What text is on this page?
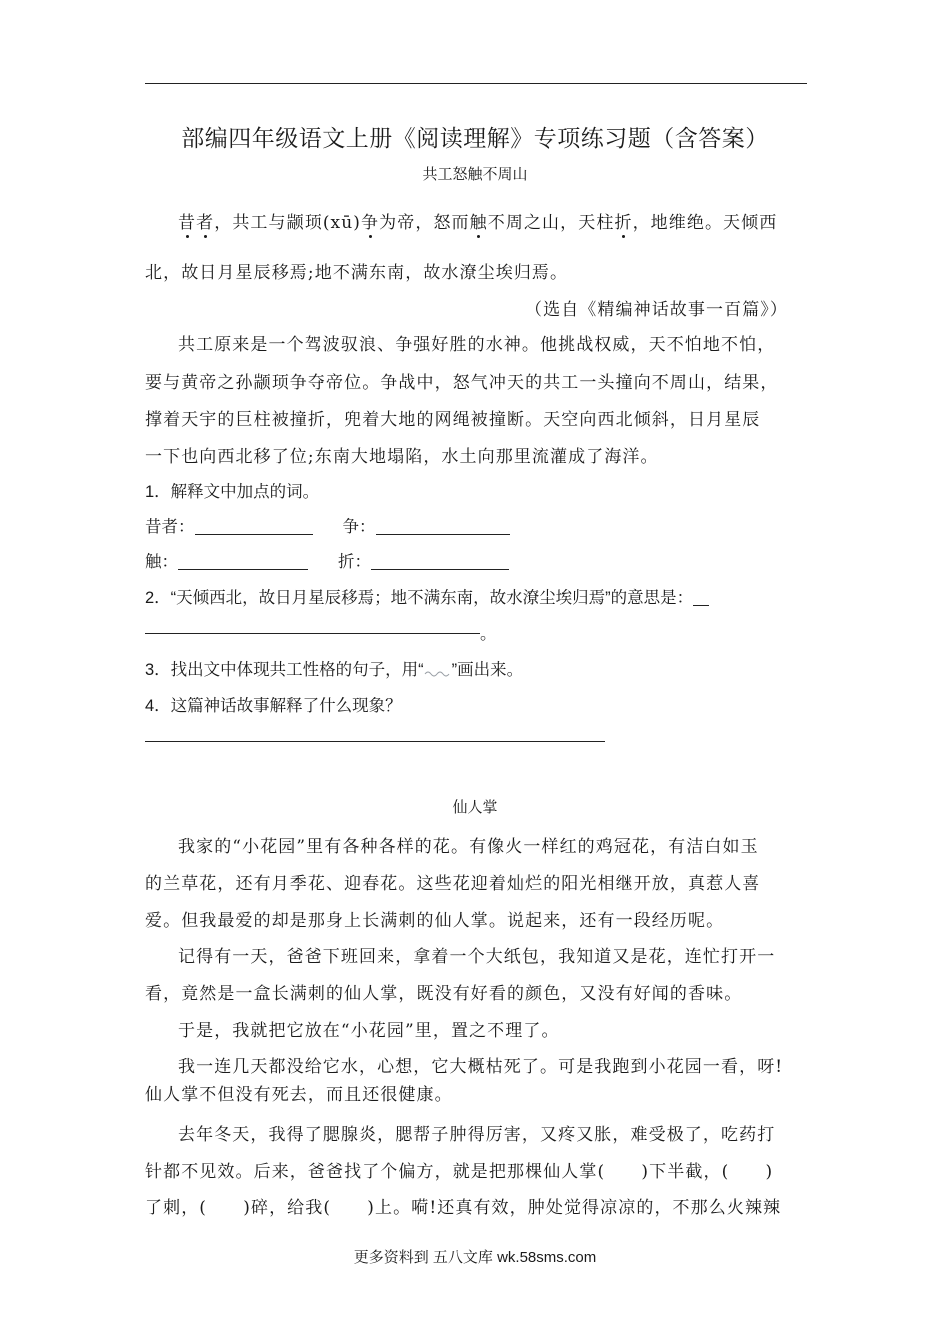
部编四年级语文上册《阅读理解》专项练习题（含答案）
共工怒触不周山
昔者，共工与颛顼(xū)争为帝，怒而触不周之山，天柱折，地维绝。天倾西
北，故日月星辰移焉;地不满东南，故水潦尘埃归焉。
（选自《精编神话故事一百篇》）
共工原来是一个驾波驭浪、争强好胜的水神。他挑战权威，天不怕地不怕，
要与黄帝之孙颛顼争夺帝位。争战中，怒气冲天的共工一头撞向不周山，结果，
撑着天宇的巨柱被撞折，兜着大地的网绳被撞断。天空向西北倾斜，日月星辰
一下也向西北移了位;东南大地塌陷，水土向那里流灌成了海洋。
1．解释文中加点的词。
昔者：	争：
触：	折：
2．“天倾西北，故日月星辰移焉；地不满东南，故水潦尘埃归焉”的意思是：
。
3．找出文中体现共工性格的句子，用“ ”画出来。
4．这篇神话故事解释了什么现象？
仙人掌
我家的“小花园”里有各种各样的花。有像火一样红的鸡冠花，有洁白如玉
的兰草花，还有月季花、迎春花。这些花迎着灿烂的阳光相继开放，真惹人喜
爱。但我最爱的却是那身上长满刺的仙人掌。说起来，还有一段经历呢。
记得有一天，爸爸下班回来，拿着一个大纸包，我知道又是花，连忙打开一
看，竟然是一盒长满刺的仙人掌，既没有好看的颜色，又没有好闻的香味。
于是，我就把它放在“小花园”里，置之不理了。
我一连几天都没给它水，心想，它大概枯死了。可是我跑到小花园一看，呀!
仙人掌不但没有死去，而且还很健康。
去年冬天，我得了腮腺炎，腮帮子肿得厉害，又疼又胀，难受极了，吃药打
针都不见效。后来，爸爸找了个偏方，就是把那棵仙人掌(　　)下半截，(　　)
了刺，(　　)碎，给我(　　)上。嗬!还真有效，肿处觉得凉凉的，不那么火辣辣
更多资料到 五八文库 wk.58sms.com
